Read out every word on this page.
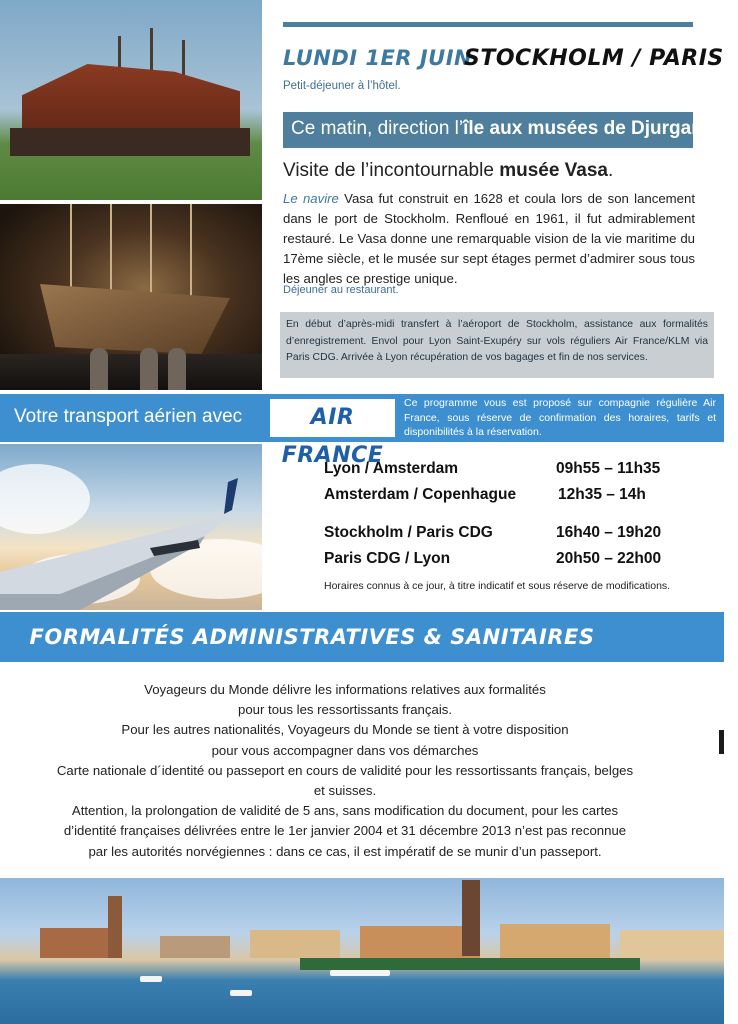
LUNDI 1ER JUIN
STOCKHOLM / PARIS
Petit-déjeuner à l’hôtel.
Ce matin, direction l’île aux musées de Djurgarden.
Visite de l’incontournable musée Vasa.
Le navire Vasa fut construit en 1628 et coula lors de son lancement dans le port de Stockholm. Renfloué en 1961, il fut admirablement restauré. Le Vasa donne une remarquable vision de la vie maritime du 17ème siècle, et le musée sur sept étages permet d’admirer sous tous les angles ce prestige unique.
Déjeuner au restaurant.
En début d’après-midi transfert à l’aéroport de Stockholm, assistance aux formalités d’enregistrement. Envol pour Lyon Saint-Exupéry sur vols réguliers Air France/KLM via Paris CDG. Arrivée à Lyon récupération de vos bagages et fin de nos services.
Votre transport aérien avec	AIR FRANCE
Ce programme vous est proposé sur compagnie régulière Air France, sous réserve de confirmation des horaires, tarifs et disponibilités à la réservation.
Lyon / Amsterdam	09h55 – 11h35
Amsterdam / Copenhague	12h35 – 14h
Stockholm / Paris CDG	16h40 – 19h20
Paris CDG / Lyon	20h50 – 22h00
Horaires connus à ce jour, à titre indicatif et sous réserve de modifications.
FORMALITÉS ADMINISTRATIVES & SANITAIRES

Voyageurs du Monde délivre les informations relatives aux formalités

pour tous les ressortissants français.

Pour les autres nationalités, Voyageurs du Monde se tient à votre disposition

pour vous accompagner dans vos démarches

Carte nationale d´identité ou passeport en cours de validité pour les ressortissants français, belges

et suisses.

Attention, la prolongation de validité de 5 ans, sans modification du document, pour les cartes

d’identité françaises délivrées entre le 1er janvier 2004 et 31 décembre 2013 n’est pas reconnue

par les autorités norvégiennes : dans ce cas, il est impératif de se munir d’un passeport.
